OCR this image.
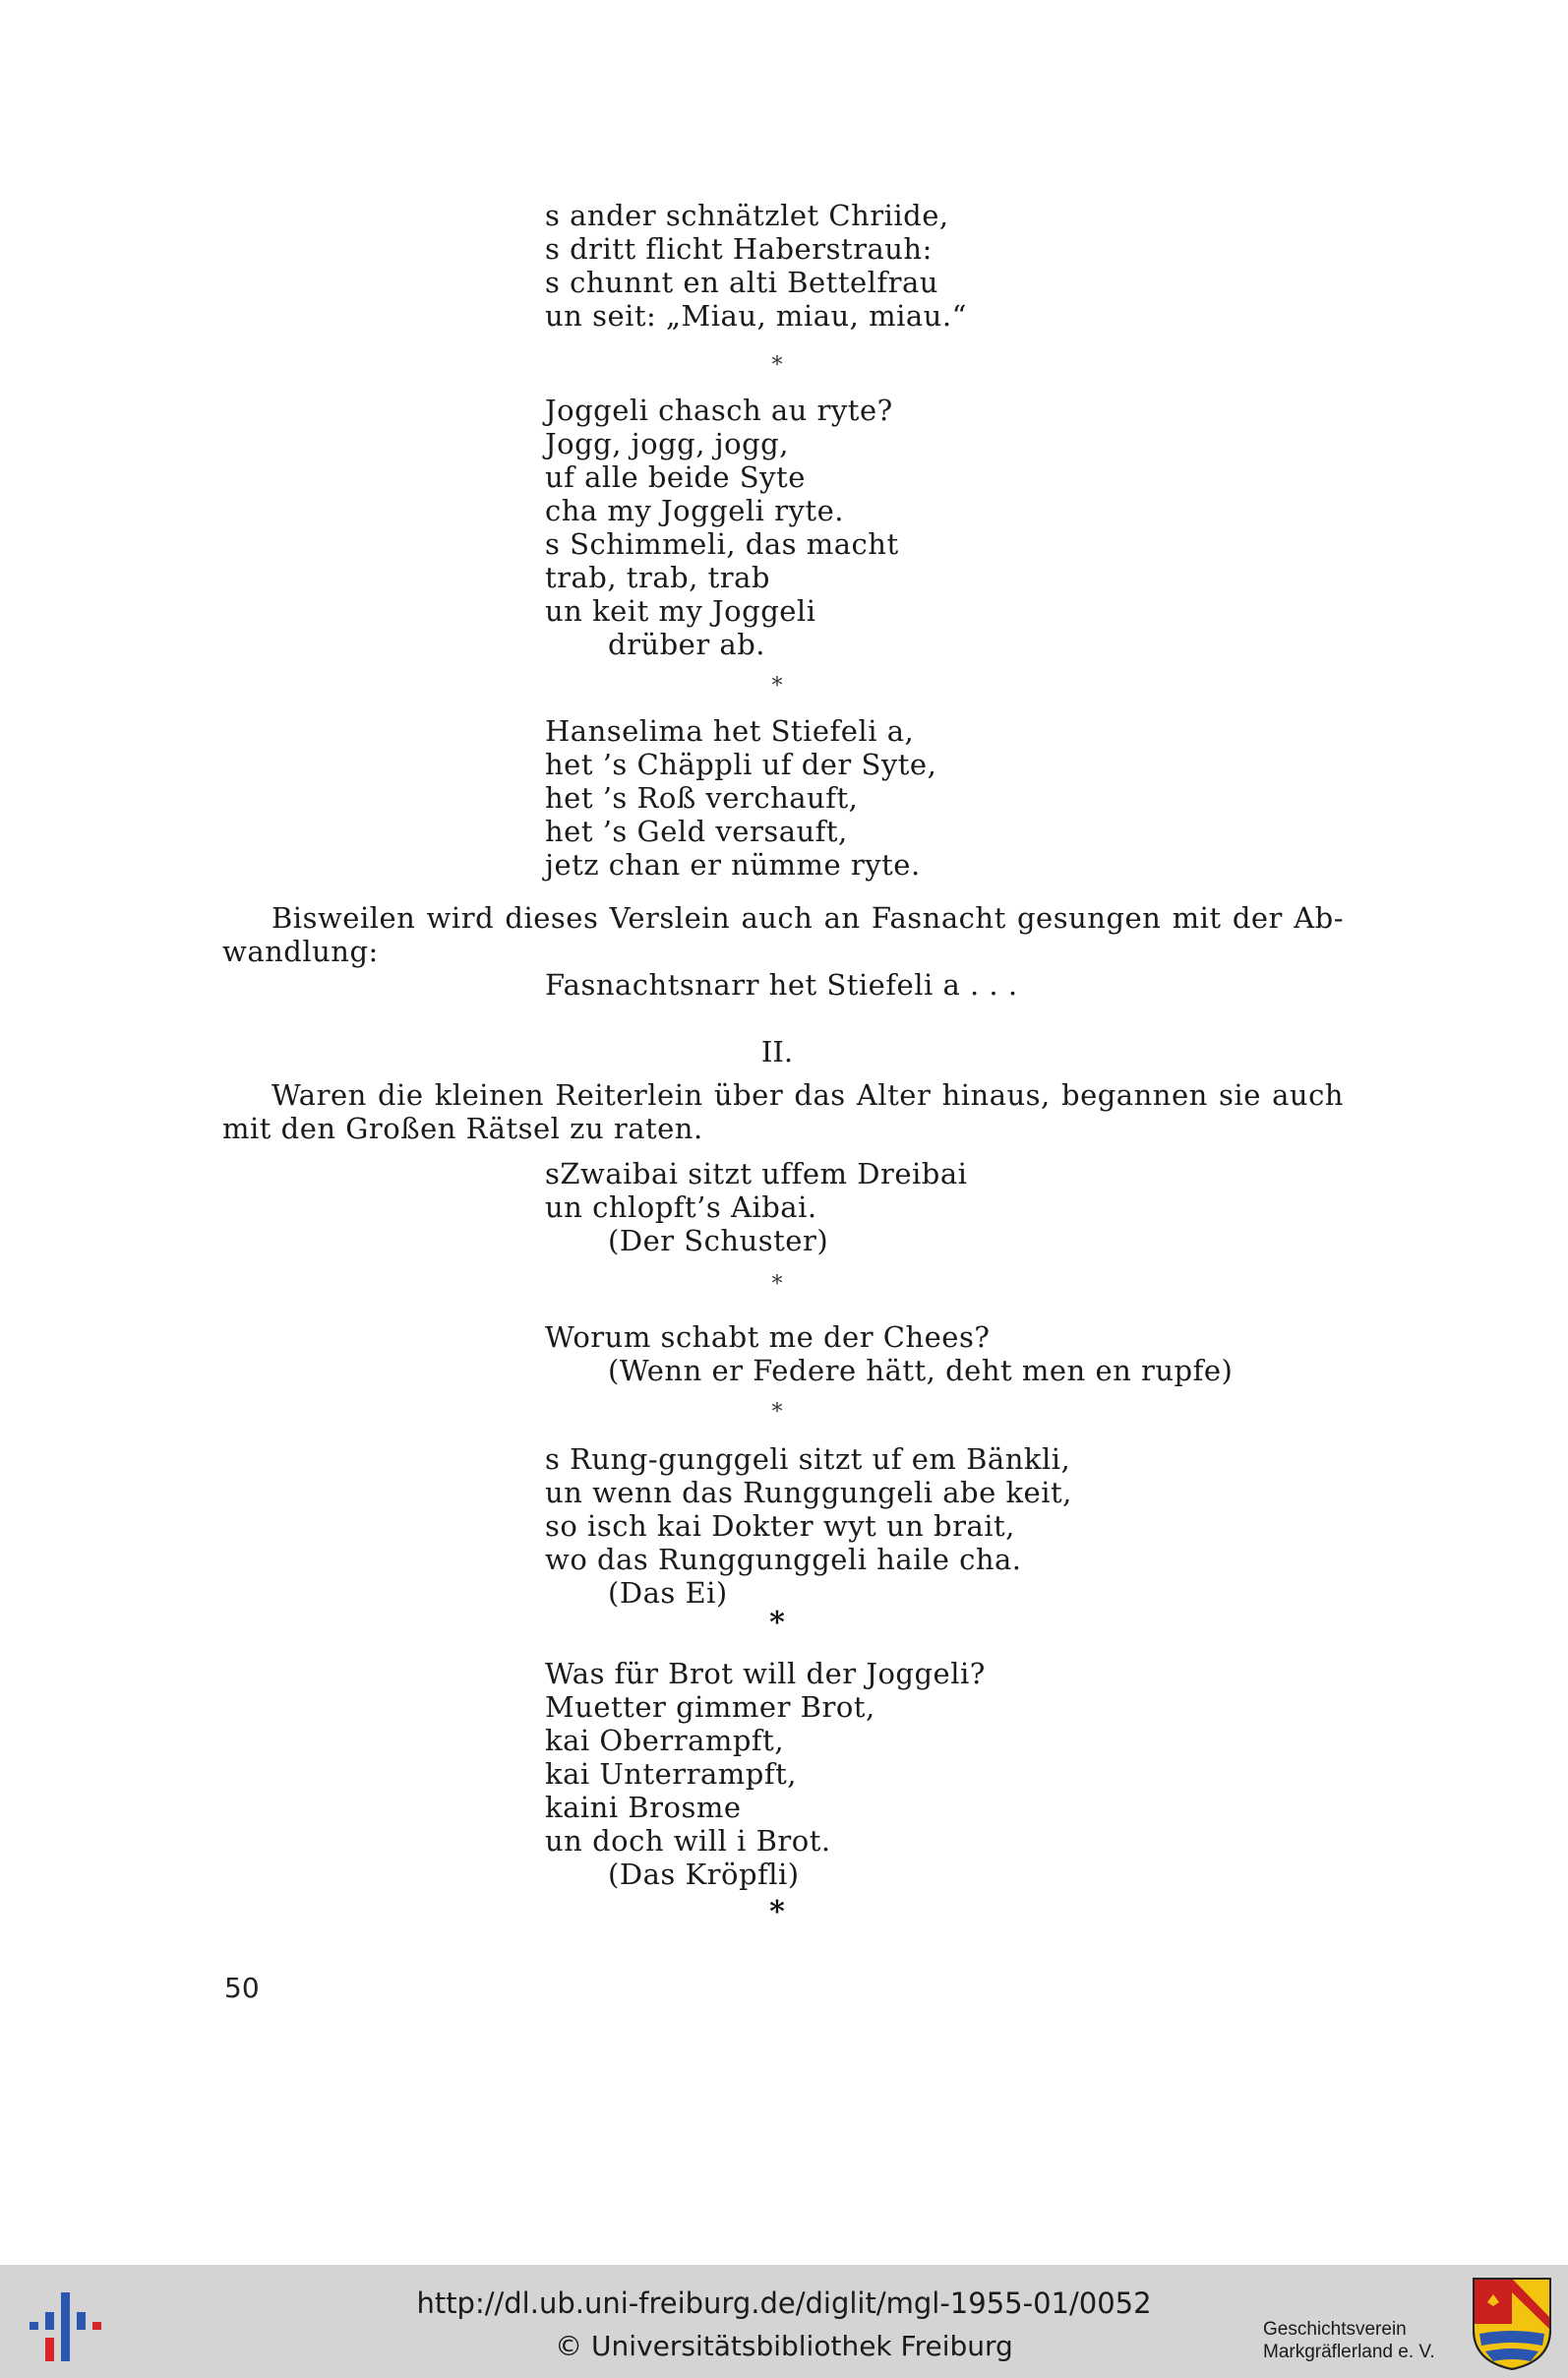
s ander schnätzlet Chriide,
s dritt flicht Haberstrauh:
s chunnt en alti Bettelfrau
un seit: „Miau, miau, miau.“
*
Joggeli chasch au ryte?
Jogg, jogg, jogg,
uf alle beide Syte
cha my Joggeli ryte.
s Schimmeli, das macht
trab, trab, trab
un keit my Joggeli
drüber ab.
*
Hanselima het Stiefeli a,
het ’s Chäppli uf der Syte,
het ’s Roß verchauft,
het ’s Geld versauft,
jetz chan er nümme ryte.
Bisweilen wird dieses Verslein auch an Fasnacht gesungen mit der Ab-
wandlung:
Fasnachtsnarr het Stiefeli a . . .
II.
Waren die kleinen Reiterlein über das Alter hinaus, begannen sie auch
mit den Großen Rätsel zu raten.
sZwaibai sitzt uffem Dreibai
un chlopft’s Aibai.
(Der Schuster)
*
Worum schabt me der Chees?
(Wenn er Federe hätt, deht men en rupfe)
*
s Rung-gunggeli sitzt uf em Bänkli,
un wenn das Runggungeli abe keit,
so isch kai Dokter wyt un brait,
wo das Runggunggeli haile cha.
(Das Ei)
*
Was für Brot will der Joggeli?
Muetter gimmer Brot,
kai Oberrampft,
kai Unterrampft,
kaini Brosme
un doch will i Brot.
(Das Kröpfli)
*
50
http://dl.ub.uni-freiburg.de/diglit/mgl-1955-01/0052
© Universitätsbibliothek Freiburg
Geschichtsverein
Markgräflerland e. V.
